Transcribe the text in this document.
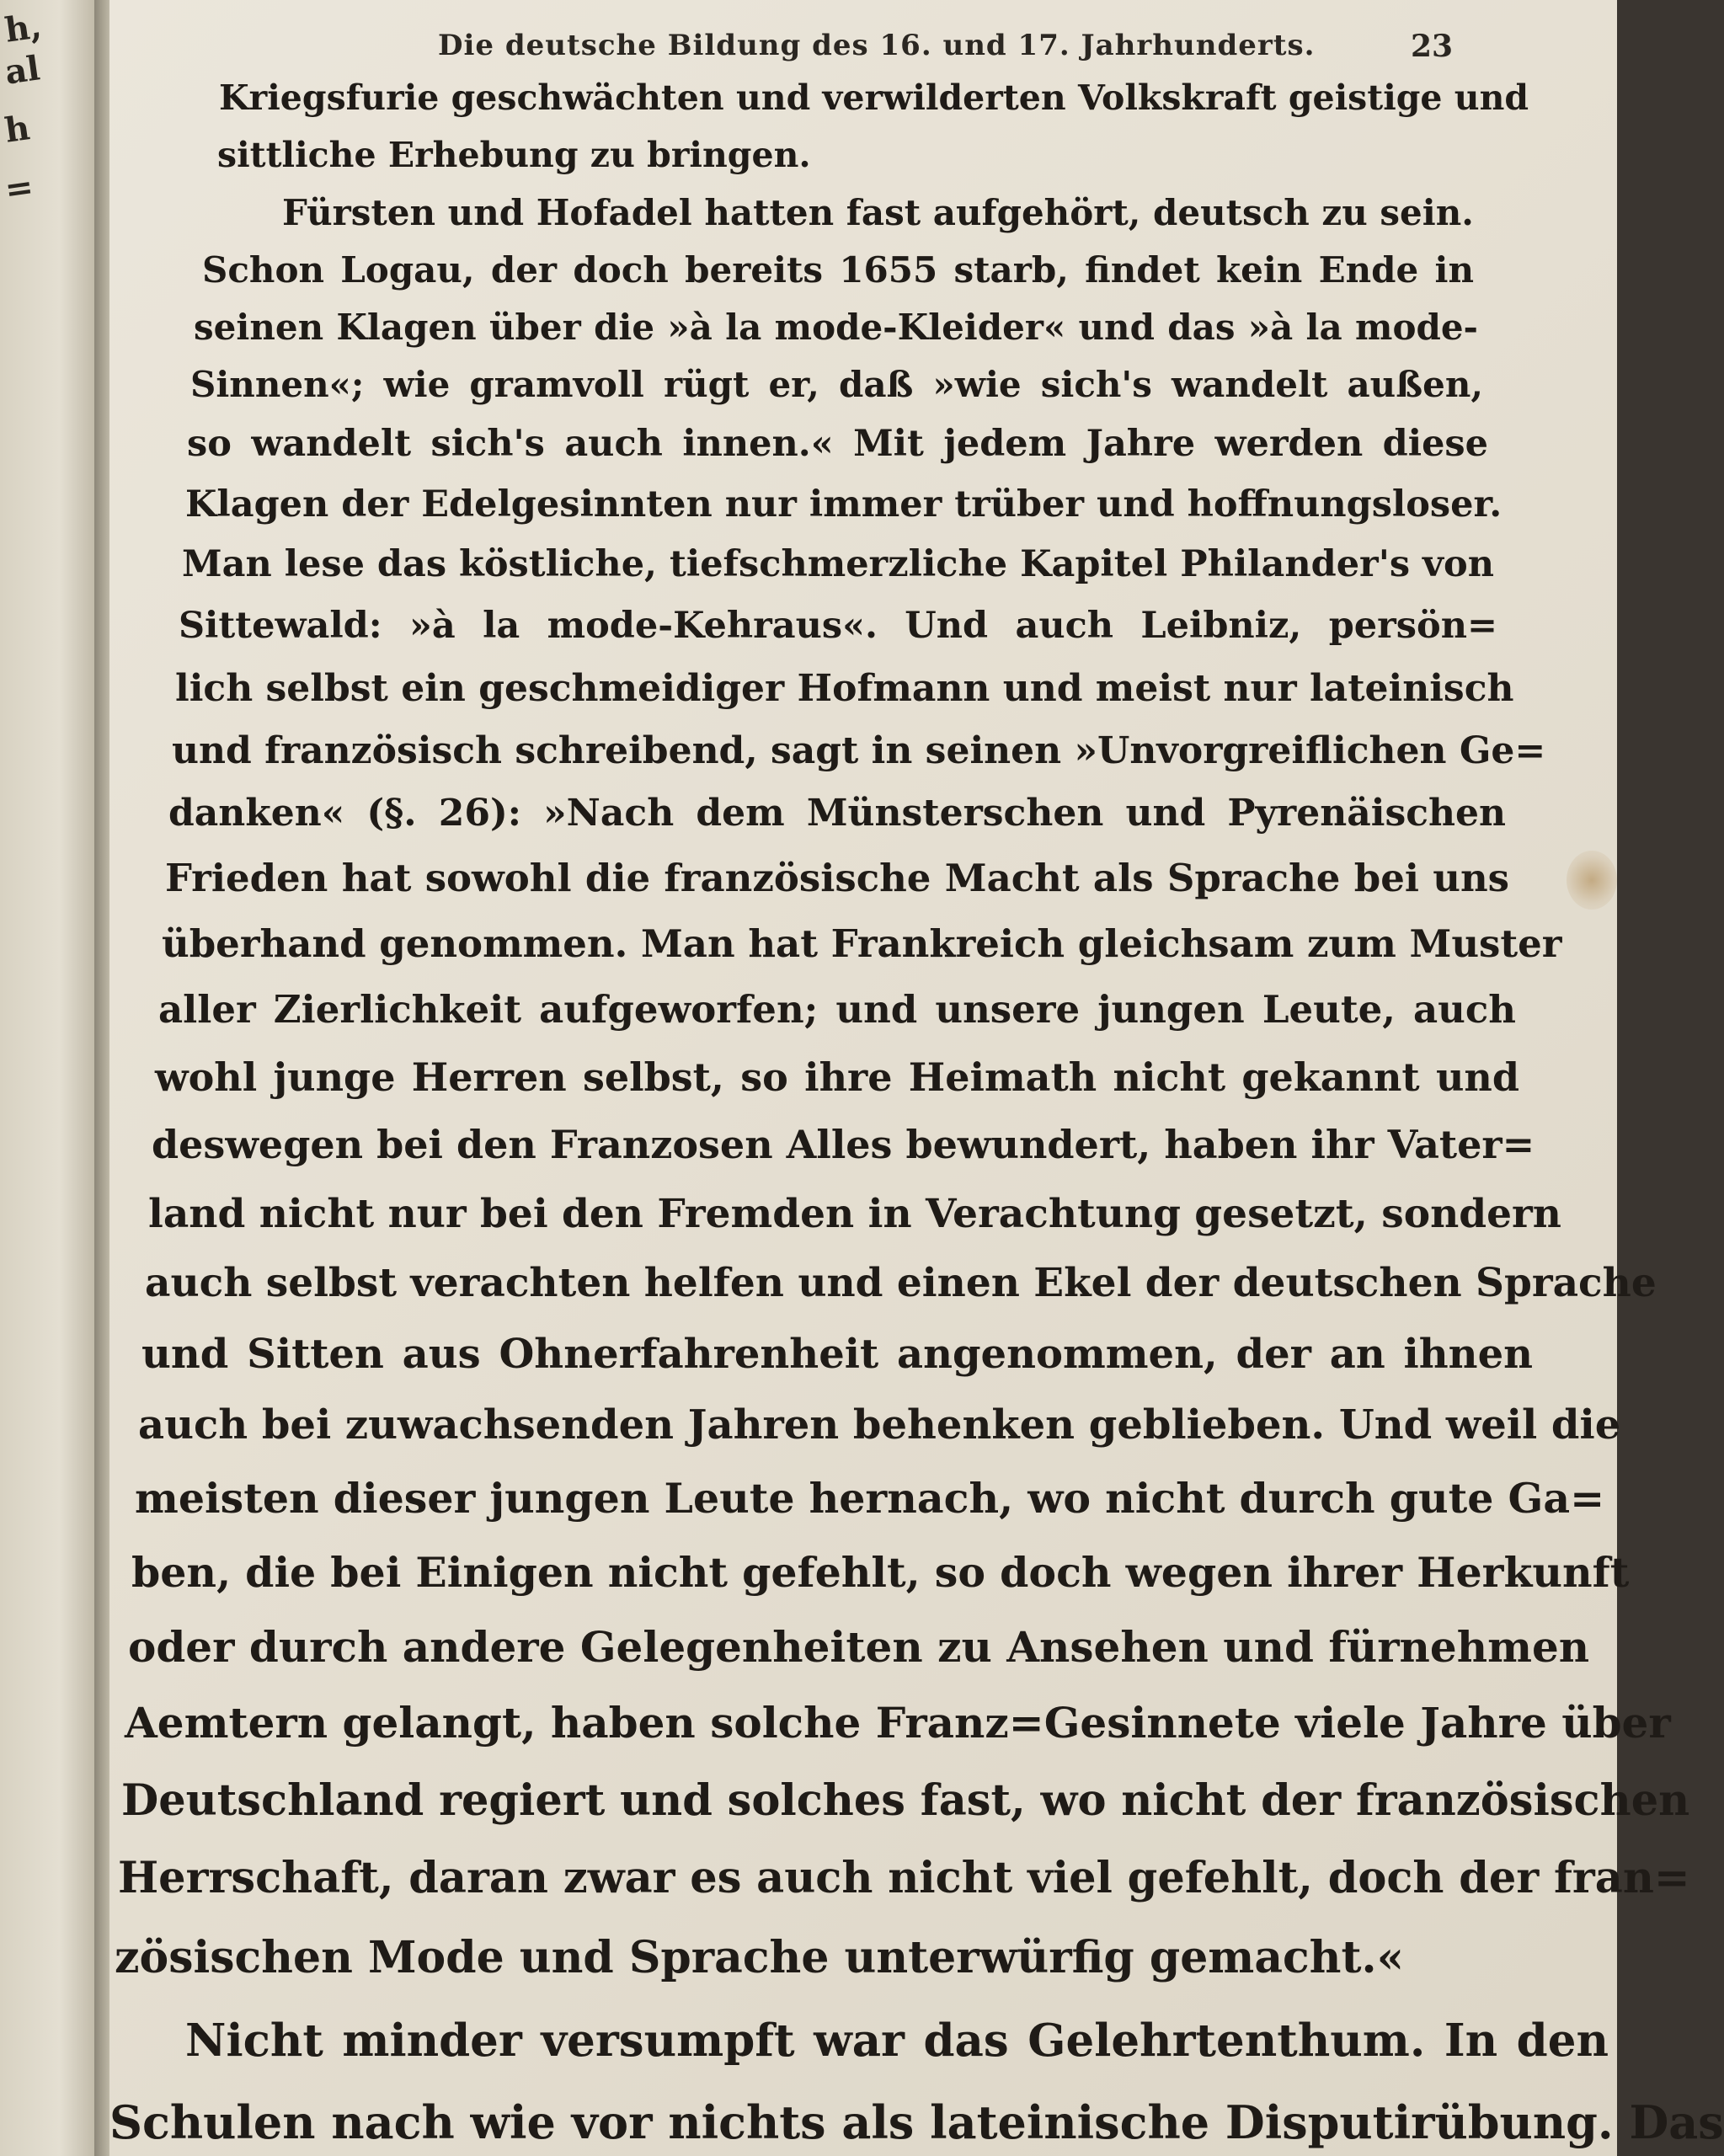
h,
al
h
=
Die deutsche Bildung des 16. und 17. Jahrhunderts.	23
Kriegsfurie geschwächten und verwilderten Volkskraft geistige und
sittliche Erhebung zu bringen.
Fürsten und Hofadel hatten fast aufgehört, deutsch zu sein.
Schon Logau, der doch bereits 1655 starb, findet kein Ende in
seinen Klagen über die »à la mode-Kleider« und das »à la mode-
Sinnen«; wie gramvoll rügt er, daß »wie sich's wandelt außen,
so wandelt sich's auch innen.« Mit jedem Jahre werden diese
Klagen der Edelgesinnten nur immer trüber und hoffnungsloser.
Man lese das köstliche, tiefschmerzliche Kapitel Philander's von
Sittewald: »à la mode-Kehraus«. Und auch Leibniz, persön=
lich selbst ein geschmeidiger Hofmann und meist nur lateinisch
und französisch schreibend, sagt in seinen »Unvorgreiflichen Ge=
danken« (§. 26): »Nach dem Münsterschen und Pyrenäischen
Frieden hat sowohl die französische Macht als Sprache bei uns
überhand genommen. Man hat Frankreich gleichsam zum Muster
aller Zierlichkeit aufgeworfen; und unsere jungen Leute, auch
wohl junge Herren selbst, so ihre Heimath nicht gekannt und
deswegen bei den Franzosen Alles bewundert, haben ihr Vater=
land nicht nur bei den Fremden in Verachtung gesetzt, sondern
auch selbst verachten helfen und einen Ekel der deutschen Sprache
und Sitten aus Ohnerfahrenheit angenommen, der an ihnen
auch bei zuwachsenden Jahren behenken geblieben. Und weil die
meisten dieser jungen Leute hernach, wo nicht durch gute Ga=
ben, die bei Einigen nicht gefehlt, so doch wegen ihrer Herkunft
oder durch andere Gelegenheiten zu Ansehen und fürnehmen
Aemtern gelangt, haben solche Franz=Gesinnete viele Jahre über
Deutschland regiert und solches fast, wo nicht der französischen
Herrschaft, daran zwar es auch nicht viel gefehlt, doch der fran=
zösischen Mode und Sprache unterwürfig gemacht.«
Nicht minder versumpft war das Gelehrtenthum. In den
Schulen nach wie vor nichts als lateinische Disputirübung. Das
